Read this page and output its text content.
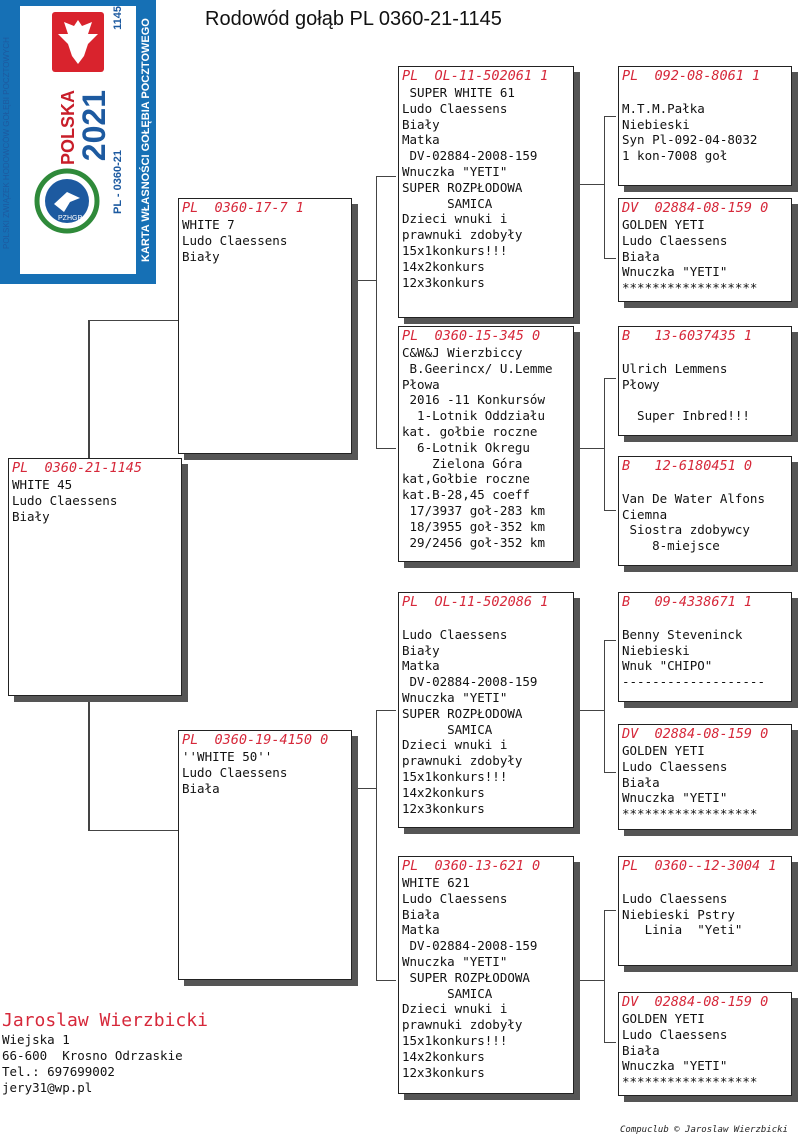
Rodowód gołąb PL 0360-21-1145
POLSKI ZWIĄZEK HODOWCÓW GOŁĘBI POCZTOWYCH	KARTA WŁASNOŚCI GOŁĘBIA POCZTOWEGO
POLSKA
2021
PL - 0360-21
1145
PZHGP
PL  0360-21-1145
WHITE 45
Ludo Claessens
Biały
PL  0360-17-7 1
WHITE 7
Ludo Claessens
Biały
PL  0360-19-4150 0
''WHITE 50''
Ludo Claessens
Biała
PL  OL-11-502061 1
SUPER WHITE 61
Ludo Claessens
Biały
Matka
DV-02884-2008-159
Wnuczka "YETI"
SUPER ROZPŁODOWA
SAMICA
Dzieci wnuki i
prawnuki zdobyły
15x1konkurs!!!
14x2konkurs
12x3konkurs
PL  0360-15-345 0
C&W&J Wierzbiccy
B.Geerincx/ U.Lemme
Płowa
2016 -11 Konkursów
1-Lotnik Oddziału
kat. gołbie roczne
6-Lotnik Okregu
Zielona Góra
kat,Gołbie roczne
kat.B-28,45 coeff
17/3937 goł-283 km
18/3955 goł-352 km
29/2456 goł-352 km
PL  OL-11-502086 1

Ludo Claessens
Biały
Matka
DV-02884-2008-159
Wnuczka "YETI"
SUPER ROZPŁODOWA
SAMICA
Dzieci wnuki i
prawnuki zdobyły
15x1konkurs!!!
14x2konkurs
12x3konkurs
PL  0360-13-621 0
WHITE 621
Ludo Claessens
Biała
Matka
DV-02884-2008-159
Wnuczka "YETI"
SUPER ROZPŁODOWA
SAMICA
Dzieci wnuki i
prawnuki zdobyły
15x1konkurs!!!
14x2konkurs
12x3konkurs
PL  092-08-8061 1

M.T.M.Pałka
Niebieski
Syn Pl-092-04-8032
1 kon-7008 goł
DV  02884-08-159 0
GOLDEN YETI
Ludo Claessens
Biała
Wnuczka "YETI"
******************
B   13-6037435 1

Ulrich Lemmens
Płowy

Super Inbred!!!
B   12-6180451 0

Van De Water Alfons
Ciemna
Siostra zdobywcy
8-miejsce
B   09-4338671 1

Benny Steveninck
Niebieski
Wnuk "CHIPO"
-------------------
DV  02884-08-159 0
GOLDEN YETI
Ludo Claessens
Biała
Wnuczka "YETI"
******************
PL  0360--12-3004 1

Ludo Claessens
Niebieski Pstry
Linia  "Yeti"
DV  02884-08-159 0
GOLDEN YETI
Ludo Claessens
Biała
Wnuczka "YETI"
******************
Jaroslaw Wierzbicki
Wiejska 1
66-600  Krosno Odrzaskie
Tel.: 697699002
jery31@wp.pl
Compuclub © Jaroslaw Wierzbicki
